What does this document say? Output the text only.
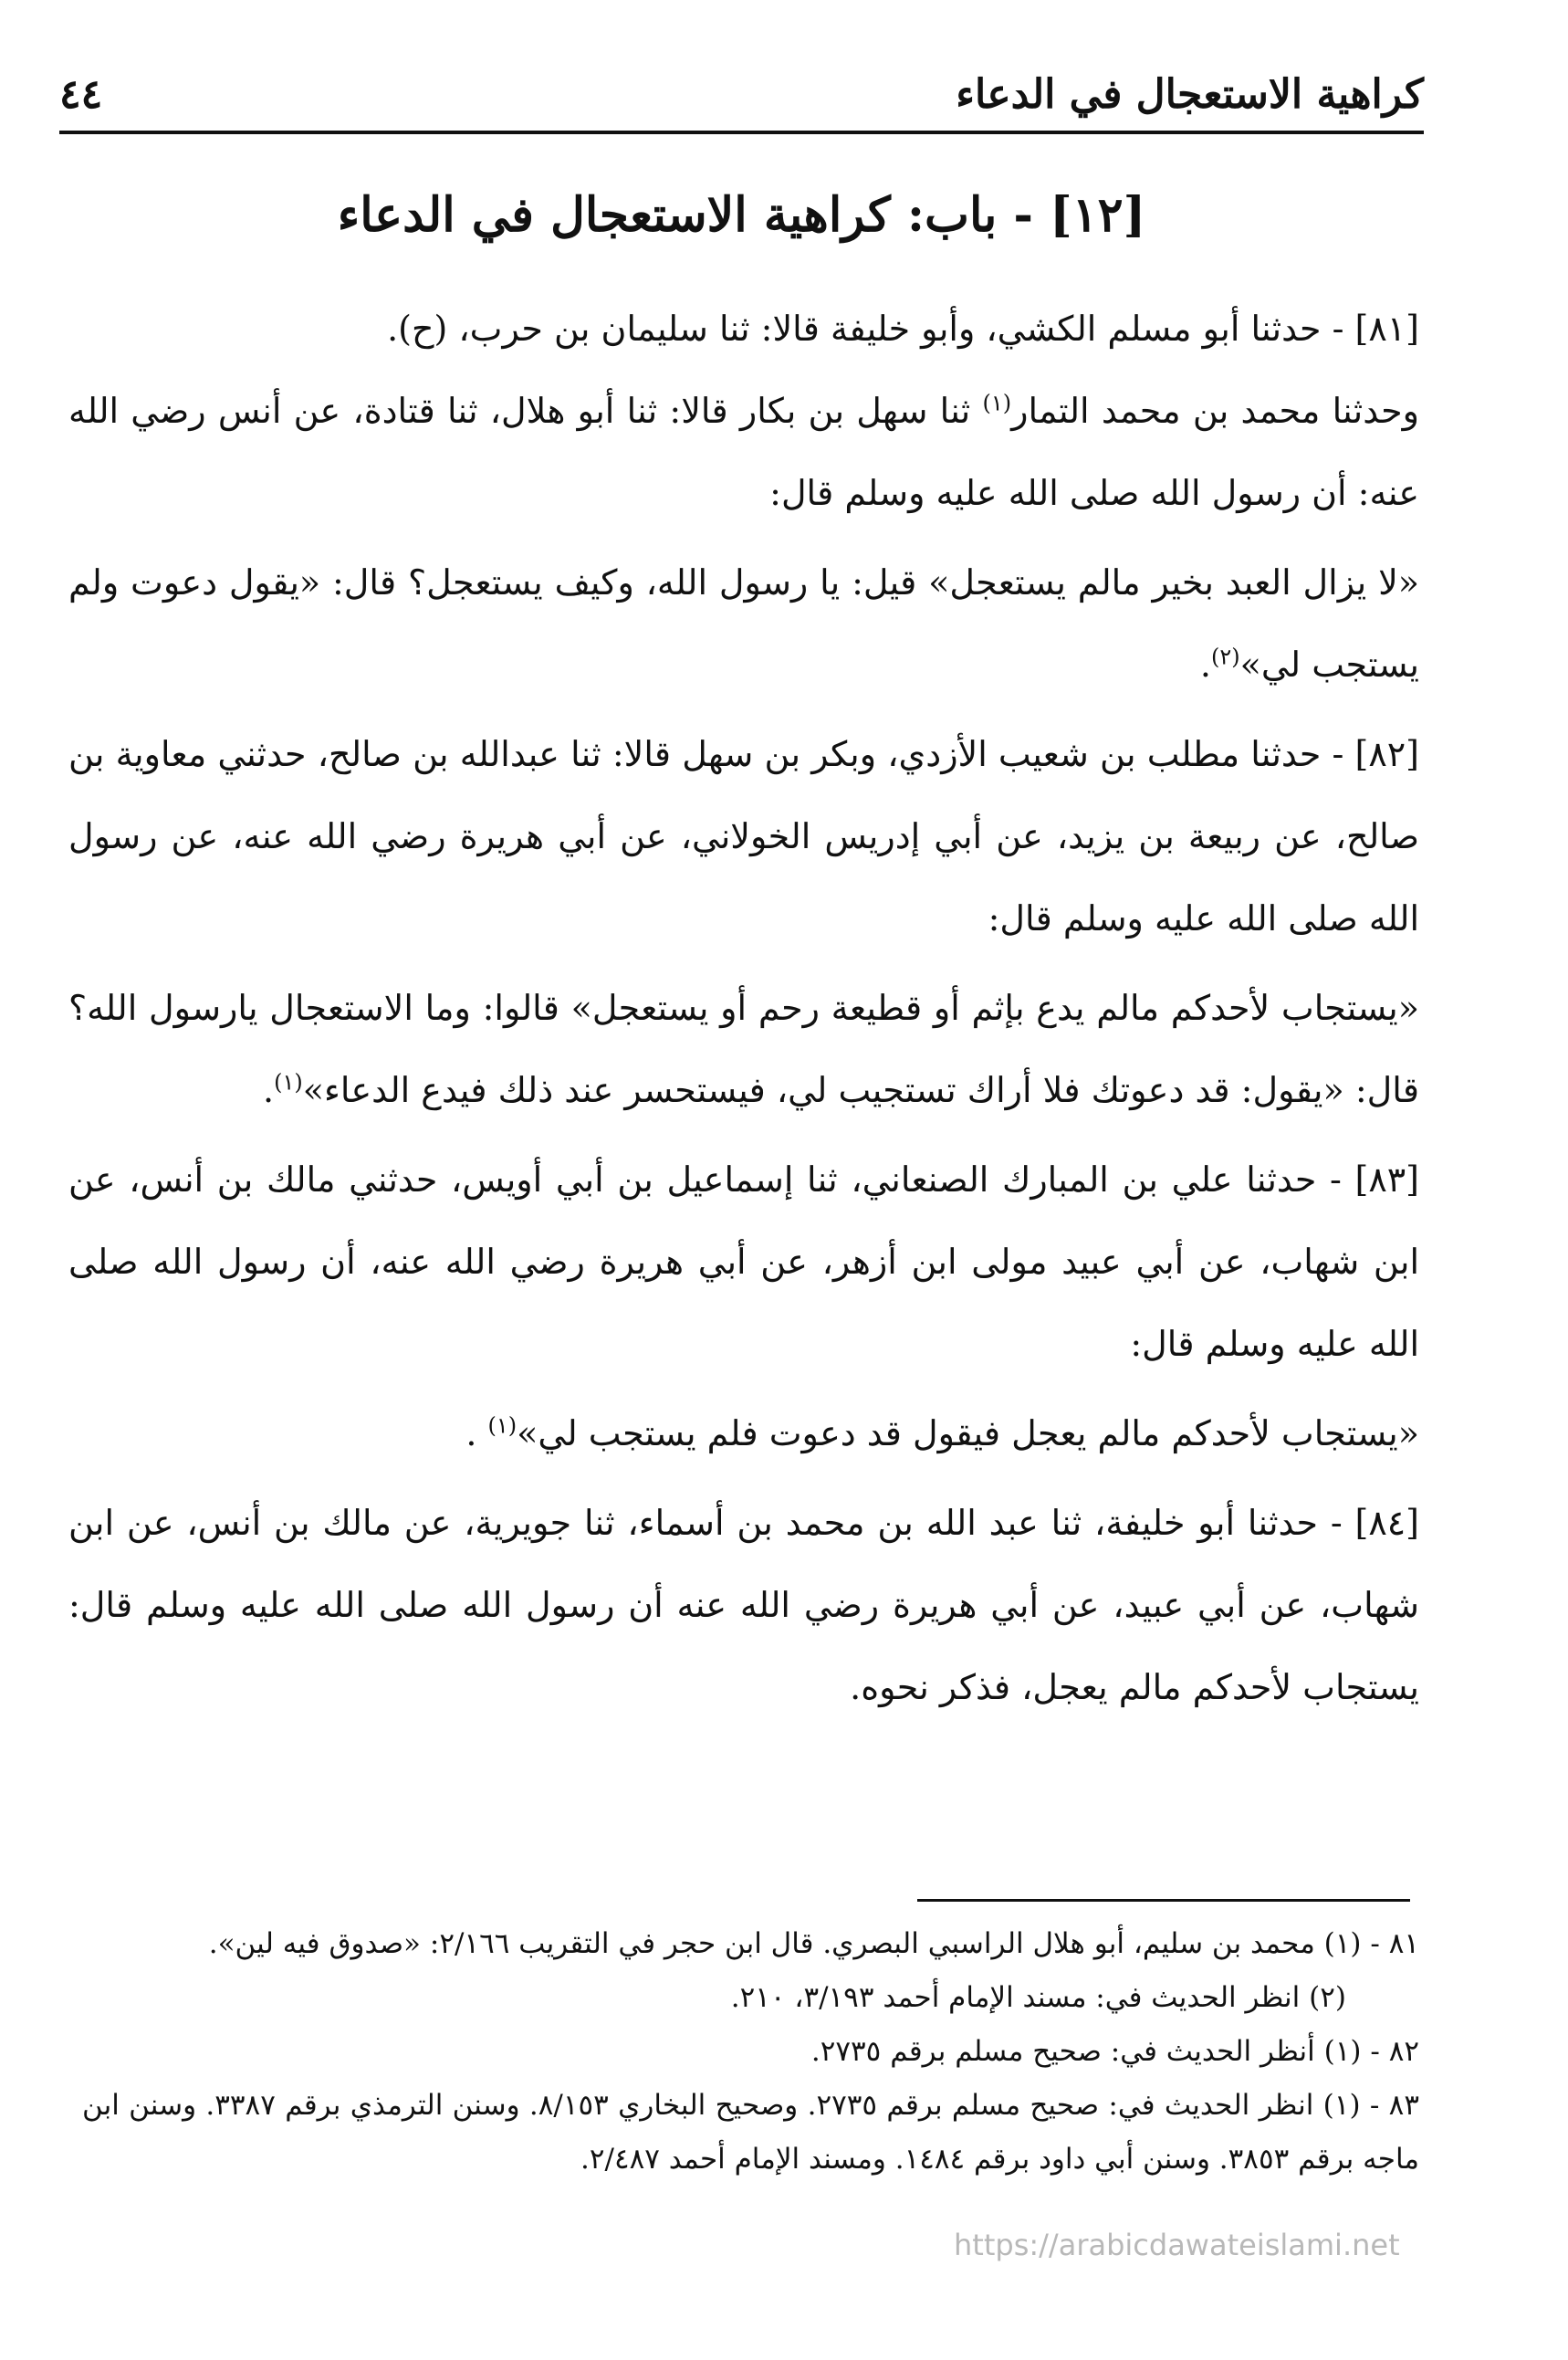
كراهية الاستعجال في الدعاء
٤٤
[١٢] - باب: كراهية الاستعجال في الدعاء

[٨١] - حدثنا أبو مسلم الكشي، وأبو خليفة قالا: ثنا سليمان بن حرب، (ح).

وحدثنا محمد بن محمد التمار$^{(١)}$ ثنا سهل بن بكار قالا: ثنا أبو هلال، ثنا قتادة، عن أنس رضي الله عنه: أن رسول الله صلى الله عليه وسلم قال:

«لا يزال العبد بخير مالم يستعجل» قيل: يا رسول الله، وكيف يستعجل؟ قال: «يقول دعوت ولم يستجب لي»$^{(٢)}$.

[٨٢] - حدثنا مطلب بن شعيب الأزدي، وبكر بن سهل قالا: ثنا عبدالله بن صالح، حدثني معاوية بن صالح، عن ربيعة بن يزيد، عن أبي إدريس الخولاني، عن أبي هريرة رضي الله عنه، عن رسول الله صلى الله عليه وسلم قال:

«يستجاب لأحدكم مالم يدع بإثم أو قطيعة رحم أو يستعجل» قالوا: وما الاستعجال يارسول الله؟ قال: «يقول: قد دعوتك فلا أراك تستجيب لي، فيستحسر عند ذلك فيدع الدعاء»$^{(١)}$.

[٨٣] - حدثنا علي بن المبارك الصنعاني، ثنا إسماعيل بن أبي أويس، حدثني مالك بن أنس، عن ابن شهاب، عن أبي عبيد مولى ابن أزهر، عن أبي هريرة رضي الله عنه، أن رسول الله صلى الله عليه وسلم قال:

«يستجاب لأحدكم مالم يعجل فيقول قد دعوت فلم يستجب لي»$^{(١)}$ .

[٨٤] - حدثنا أبو خليفة، ثنا عبد الله بن محمد بن أسماء، ثنا جويرية، عن مالك بن أنس، عن ابن شهاب، عن أبي عبيد، عن أبي هريرة رضي الله عنه أن رسول الله صلى الله عليه وسلم قال: يستجاب لأحدكم مالم يعجل، فذكر نحوه.

٨١ - (١) محمد بن سليم، أبو هلال الراسبي البصري. قال ابن حجر في التقريب ٢/١٦٦: «صدوق فيه لين».

(٢) انظر الحديث في: مسند الإمام أحمد ٣/١٩٣، ٢١٠.

٨٢ - (١) أنظر الحديث في: صحيح مسلم برقم ٢٧٣٥.

٨٣ - (١) انظر الحديث في: صحيح مسلم برقم ٢٧٣٥. وصحيح البخاري ٨/١٥٣. وسنن الترمذي برقم ٣٣٨٧. وسنن ابن ماجه برقم ٣٨٥٣. وسنن أبي داود برقم ١٤٨٤. ومسند الإمام أحمد ٢/٤٨٧.

https://arabicdawateislami.net
